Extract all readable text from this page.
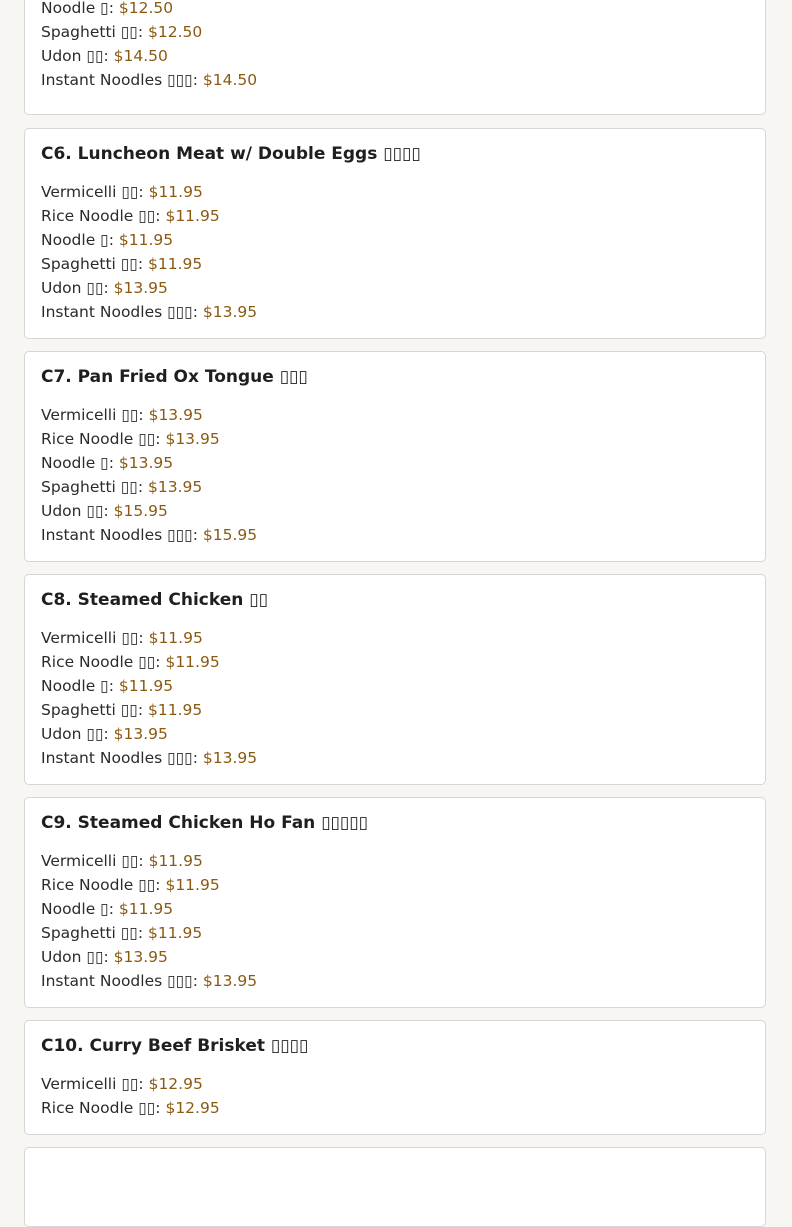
Noodle ▯: $12.50
Spaghetti ▯▯: $12.50
Udon ▯▯: $14.50
Instant Noodles ▯▯▯: $14.50
C6. Luncheon Meat w/ Double Eggs ▯▯▯▯
Vermicelli ▯▯: $11.95
Rice Noodle ▯▯: $11.95
Noodle ▯: $11.95
Spaghetti ▯▯: $11.95
Udon ▯▯: $13.95
Instant Noodles ▯▯▯: $13.95
C7. Pan Fried Ox Tongue ▯▯▯
Vermicelli ▯▯: $13.95
Rice Noodle ▯▯: $13.95
Noodle ▯: $13.95
Spaghetti ▯▯: $13.95
Udon ▯▯: $15.95
Instant Noodles ▯▯▯: $15.95
C8. Steamed Chicken ▯▯
Vermicelli ▯▯: $11.95
Rice Noodle ▯▯: $11.95
Noodle ▯: $11.95
Spaghetti ▯▯: $11.95
Udon ▯▯: $13.95
Instant Noodles ▯▯▯: $13.95
C9. Steamed Chicken Ho Fan ▯▯▯▯▯
Vermicelli ▯▯: $11.95
Rice Noodle ▯▯: $11.95
Noodle ▯: $11.95
Spaghetti ▯▯: $11.95
Udon ▯▯: $13.95
Instant Noodles ▯▯▯: $13.95
C10. Curry Beef Brisket ▯▯▯▯
Vermicelli ▯▯: $12.95
Rice Noodle ▯▯: $12.95
